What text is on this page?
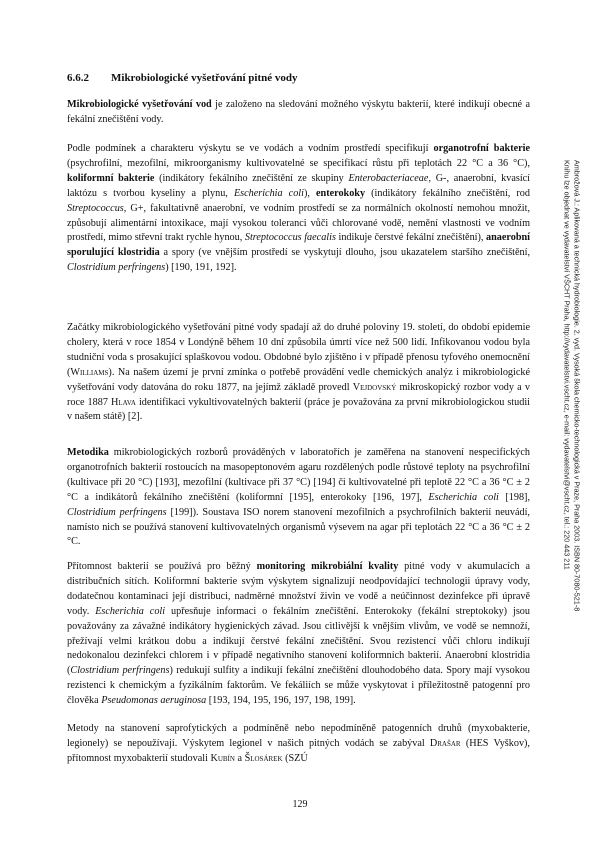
6.6.2 Mikrobiologické vyšetřování pitné vody

Mikrobiologické vyšetřování vod je založeno na sledování možného výskytu bakterií, které indikují obecné a fekální znečištění vody.

Podle podmínek a charakteru výskytu se ve vodách a vodním prostředí specifikují organotrofní bakterie (psychrofilní, mezofilní, mikroorganismy kultivovatelné se specifikací růstu při teplotách 22 °C a 36 °C), koliformní bakterie (indikátory fekálního znečištění ze skupiny Enterobacteriaceae, G-, anaerobní, kvasící laktózu s tvorbou kyseliny a plynu, Escherichia coli), enterokoky (indikátory fekálního znečištění, rod Streptococcus, G+, fakultativně anaerobní, ve vodním prostředí se za normálních okolností nemohou množit, způsobují alimentární intoxikace, mají vysokou toleranci vůči chlorované vodě, nemění vlastnosti ve vodním prostředí, mimo střevní trakt rychle hynou, Streptococcus faecalis indikuje čerstvé fekální znečištění), anaerobní sporulující klostridia a spory (ve vnějším prostředí se vyskytují dlouho, jsou ukazatelem staršího znečištění, Clostridium perfringens) [190, 191, 192].

Začátky mikrobiologického vyšetřování pitné vody spadají až do druhé poloviny 19. století, do období epidemie cholery, která v roce 1854 v Londýně během 10 dní způsobila úmrtí více než 500 lidí. Infikovanou vodou byla studniční voda s prosakující splaškovou vodou. Obdobné bylo zjištěno i v případě přenosu tyfového onemocnění (Williams). Na našem území je první zmínka o potřebě provádění vedle chemických analýz i mikrobiologické vyšetřování vody datována do roku 1877, na jejímž základě provedl Vejdovský mikroskopický rozbor vody a v roce 1887 Hlava identifikaci vykultivovatelných bakterií (práce je považována za první mikrobiologickou studii v našem státě) [2].

Metodika mikrobiologických rozborů prováděných v laboratořích je zaměřena na stanovení nespecifických organotrofních bakterií rostoucích na masopeptonovém agaru rozdělených podle růstové teploty na psychrofilní (kultivace při 20 °C) [193], mezofilní (kultivace při 37 °C) [194] či kultivovatelné při teplotě 22 °C a 36 °C ± 2 °C a indikátorů fekálního znečištění (koliformní [195], enterokoky [196, 197], Escherichia coli [198], Clostridium perfringens [199]). Soustava ISO norem stanovení mezofilních a psychrofilních bakterií neuvádí, namísto nich se používá stanovení kultivovatelných organismů výsevem na agar při teplotách 22 °C a 36 °C ± 2 °C.

Přítomnost bakterií se používá pro běžný monitoring mikrobiální kvality pitné vody v akumulacích a distribučních sítích. Koliformní bakterie svým výskytem signalizují neodpovídající technologii úpravy vody, dodatečnou kontaminaci její distribuci, nadměrné množství živin ve vodě a neúčinnost dezinfekce při úpravě vody. Escherichia coli upřesňuje informaci o fekálním znečištění. Enterokoky (fekální streptokoky) jsou považovány za závažné indikátory hygienických závad. Jsou citlivější k vnějším vlivům, ve vodě se nemnoží, přežívají velmi krátkou dobu a indikují čerstvé fekální znečištění. Svou rezistencí vůči chloru indikují nedokonalou dezinfekci chlorem i v případě negativního stanovení koliformních bakterií. Anaerobní klostridia (Clostridium perfringens) redukují sulfity a indikují fekální znečištění dlouhodobého data. Spory mají vysokou rezistenci k chemickým a fyzikálním faktorům. Ve fekáliích se může vyskytovat i příležitostně patogenní pro člověka Pseudomonas aeruginosa [193, 194, 195, 196, 197, 198, 199].

Metody na stanovení saprofytických a podmíněně nebo nepodmíněně patogenních druhů (myxobakterie, legionely) se nepoužívají. Výskytem legionel v našich pitných vodách se zabýval Drašar (HES Vyškov), přítomnost myxobakterií studovali Kubín a Šlosárek (SZÚ

129
Ambrožová J.: Aplikovaná a technická hydrobiologie. 2. vyd. Vysoká škola chemicko-technologická v Praze, Praha 2003. ISBN 80-7080-521-8
Knihu lze objednat ve vydavatelství VŠCHT Praha, http://vydavatelstvi.vscht.cz, e-mail: vydavatelstvi@vscht.cz, tel.: 220 443 211
